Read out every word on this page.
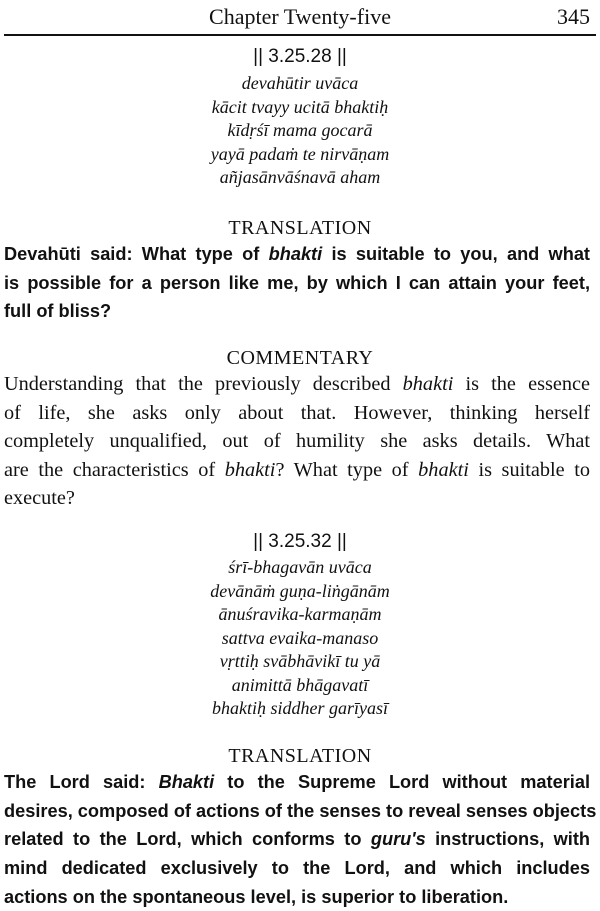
Chapter Twenty-five	345
|| 3.25.28 ||
devahūtir uvāca
kācit tvayy ucitā bhaktiḥ
kīdṛśī mama gocarā
yayā padaṁ te nirvāṇam
añjasānvāśnavā aham
TRANSLATION
Devahūti said: What type of bhakti is suitable to you, and what
is possible for a person like me, by which I can attain your feet,
full of bliss?
COMMENTARY
Understanding that the previously described bhakti is the essence
of life, she asks only about that. However, thinking herself
completely unqualified, out of humility she asks details. What
are the characteristics of bhakti? What type of bhakti is suitable to
execute?
|| 3.25.32 ||
śrī-bhagavān uvāca
devānāṁ guṇa-liṅgānām
ānuśravika-karmaṇām
sattva evaika-manaso
vṛttiḥ svābhāvikī tu yā
animittā bhāgavatī
bhaktiḥ siddher garīyasī
TRANSLATION
The Lord said: Bhakti to the Supreme Lord without material
desires, composed of actions of the senses to reveal senses objects
related to the Lord, which conforms to guru's instructions, with
mind dedicated exclusively to the Lord, and which includes
actions on the spontaneous level, is superior to liberation.
